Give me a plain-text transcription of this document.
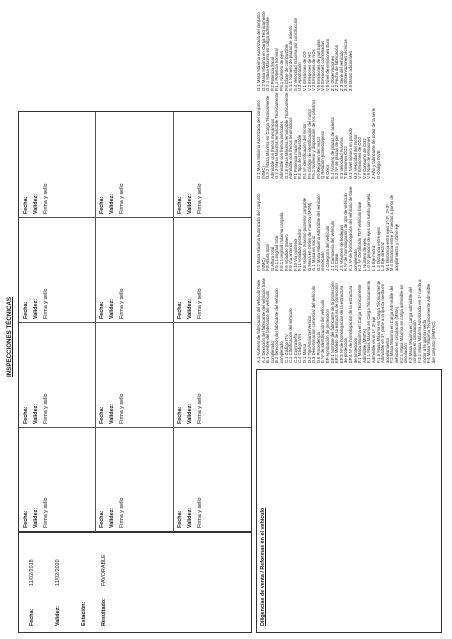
INSPECCIONES TÉCNICAS
Fecha:
11/02/2018
Validez:
11/02/2020
Estación:	Resultado:
FAVORABLE
Fecha: Validez: Firma y sello
Fecha: Validez: Firma y sello
Fecha: Validez: Firma y sello
Fecha: Validez: Firma y sello
Fecha: Validez: Firma y sello
Fecha: Validez: Firma y sello
Fecha: Validez: Firma y sello
Fecha: Validez: Firma y sello
Fecha: Validez: Firma y sello
Fecha: Validez: Firma y sello
Fecha: Validez: Firma y sello
Fecha: Validez: Firma y sello
Diligencias de venta / Reformas en el vehículo
A.1 Número de fabricación del vehículo base A.2 Dirección del fabricante del vehículo base B.1 Nombre del fabricante del vehículo completado B.2 Dirección del fabricante del vehículo completado C.1 Código ITV C.2 Clasificación del vehículo C.3 Contraseña C.4 Código VIN D.1 Marca D.2 Tipo/Variante/Versión D.3 Denominación comercial del vehículo D.6 Procedencia E Nº de identificación del vehículo EP Aprobación de protección EP.1 Nombre del fabricante de la protección EP.2 Modelo de la estructura de protección EP.3 Nº de homologación de la estructura de protección EP.4 Nº de homologación de la estructura de protección F.1 Masa Máxima en Carga Técnicamente Admisible (MMTA) F.1.1 Masa Máxima en Carga Técnicamente Admisible en el 1º, 2º eje F.1.5 Masa Máxima en Carga Técnicamente Admisible en 1º, parte a la quinta rueda en acoplamiento F.2 Masa Máxima en Carga Admisible del vehículo en circulación (MMA) F.2.1 Masa Máxima en carga admisible en circulación F.3 Masa Máxima en carga admisible del conjunto en circulación F.3.1 Masa Máxima Autorizada en 1º rueda a motor a la quinta rueda F.4 Masa Máxima Técnicamente Admisible del conjunto (MMTAC)
F.5 Masa Máxima Autorizada del conjunto (MMC) F.8 Altura total G Altura total F.9.1 Longitud total F.8.1 Longitud máxima cargada F.9 Voladizo trasero F.9 Vía anterior F.10 Vía posterior F.11 Voladizo posterior F.8 Voladizo máximo posterior cargable G Masa en Orden de marcha (MOM) G.1 Masa en vacío G.2 Masa Máxima Admisible del vehículo remolcado J Categoría del vehículo J.1 Carrocería del vehículo J.2 Clase J.3 Volumen de bodegas K Nº de homologación de tipo de vehículo K.1 Nº de homologación del vehículo de base completado K.2 Nº Certificado TDT vehículo base L Número de ejes L.0 Nº posición de ejes con rueda gemela L.1 Eje motriz L.2 Distancia entre ejes L.3 Eje directriz M.1 Distancia entre ejes 1º-2º, 2º-3º M.4 Distancia entre 1º ruedas a punto de acoplamiento y último eje
O.1 Masa Máxima Autorizada del conjunto (MMC) O.2.2 Masa Máxima en Carga Técnicamente Admisible con frenos mecánicos O.2.3 Masa Máxima remolcable Técnicamente Admisible con frenos inerciales O.2.5 Masa Máxima remolcable Técnicamente Admisible con frenos neumáticos P.1 Potencia máxima P.3 Tipo de combustible P.4 Nº identificación del motor P.5 Código de identificación del motor P.5.1 Número y disposición de los cilindros P.6 Régimen del motor Q Relación potencia/peso R Color S.1 Número de plazas de asiento S.2 Nº de plazas de pie S.3 Velocidad máxima T Emisiones CO2 U.1 Nivel sonoro en parado U.2 Velocidad del motor V.7 Emisiones de CO2 V.8 Consumo de CO2 V.9 Nivel de emisiones Z Año y fabricante de rodar de la serie O Código INVE
O.1 Masa Máxima Autorizada del conjunto O.2 Masa Máxima en Carga Técnicamente O.2.1 Masa Máxima en carga admisible P.2 Potencia fiscal P.1.1 Potencia nominal P.5.1 Número de ejes P.8 Clase de combustible S.1.1 Número de plazas de asiento S.4 Velocidad máxima por construcción U.3 Aprobación V.1 Emisiones de CO V.2 Emisiones de HC V.3 Emisiones de NOx V.5 Emisiones de partículas V.6 Emisiones combinadas V.9 Nivel de emisiones Euro Z.1 Observaciones Z.2 Fecha de fabricación Z.3 Serie del vehículo Z.4 Observaciones técnicas Z.5 Datos adicionales
